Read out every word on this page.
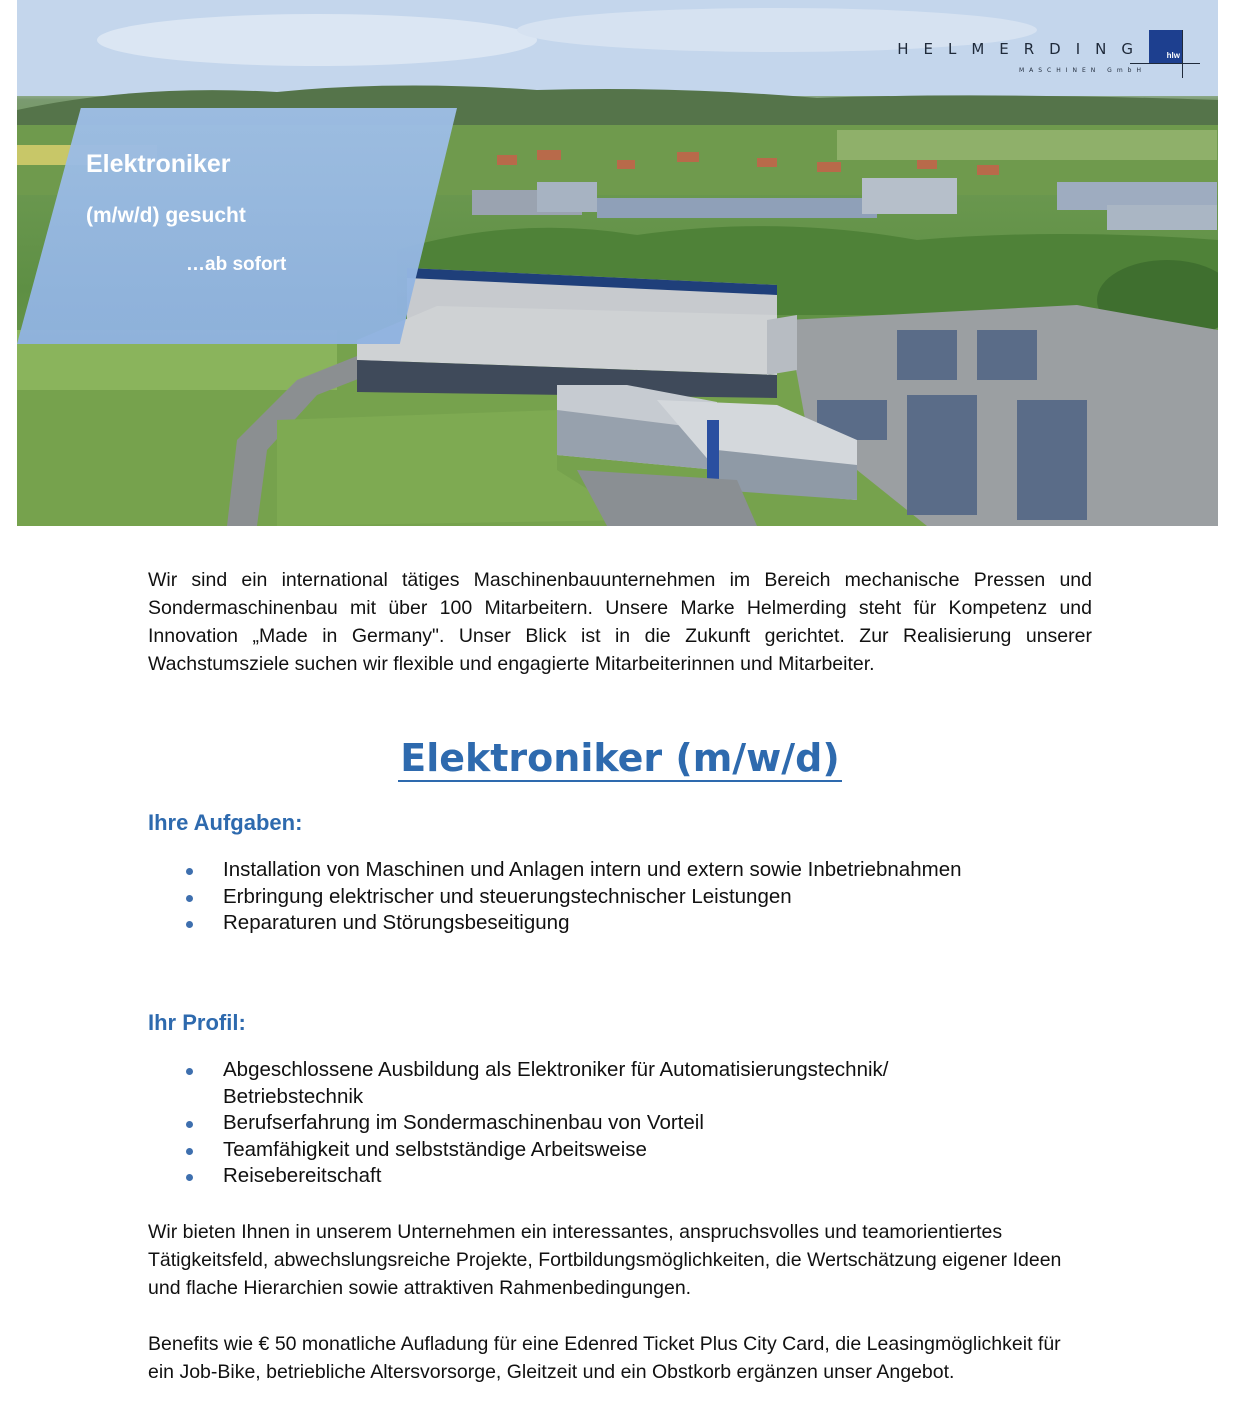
HELMERDING
MASCHINEN GmbH
hlw
Elektroniker
(m/w/d) gesucht
…ab sofort
Wir sind ein international tätiges Maschinenbauunternehmen im Bereich mechanische Pressen und Sondermaschinenbau mit über 100 Mitarbeitern. Unsere Marke Helmerding steht für Kompetenz und Innovation „Made in Germany". Unser Blick ist in die Zukunft gerichtet. Zur Realisierung unserer Wachstumsziele suchen wir flexible und engagierte Mitarbeiterinnen und Mitarbeiter.
Elektroniker (m/w/d)
Ihre Aufgaben:
Installation von Maschinen und Anlagen intern und extern sowie Inbetriebnahmen
Erbringung elektrischer und steuerungstechnischer Leistungen
Reparaturen und Störungsbeseitigung
Ihr Profil:
Abgeschlossene Ausbildung als Elektroniker für Automatisierungstechnik/ Betriebstechnik
Berufserfahrung im Sondermaschinenbau von Vorteil
Teamfähigkeit und selbstständige Arbeitsweise
Reisebereitschaft
Wir bieten Ihnen in unserem Unternehmen ein interessantes, anspruchsvolles und teamorientiertes Tätigkeitsfeld, abwechslungsreiche Projekte, Fortbildungsmöglichkeiten, die Wertschätzung eigener Ideen und flache Hierarchien sowie attraktiven Rahmenbedingungen.
Benefits wie € 50 monatliche Aufladung für eine Edenred Ticket Plus City Card, die Leasingmöglichkeit für ein Job-Bike, betriebliche Altersvorsorge, Gleitzeit und ein Obstkorb ergänzen unser Angebot.
